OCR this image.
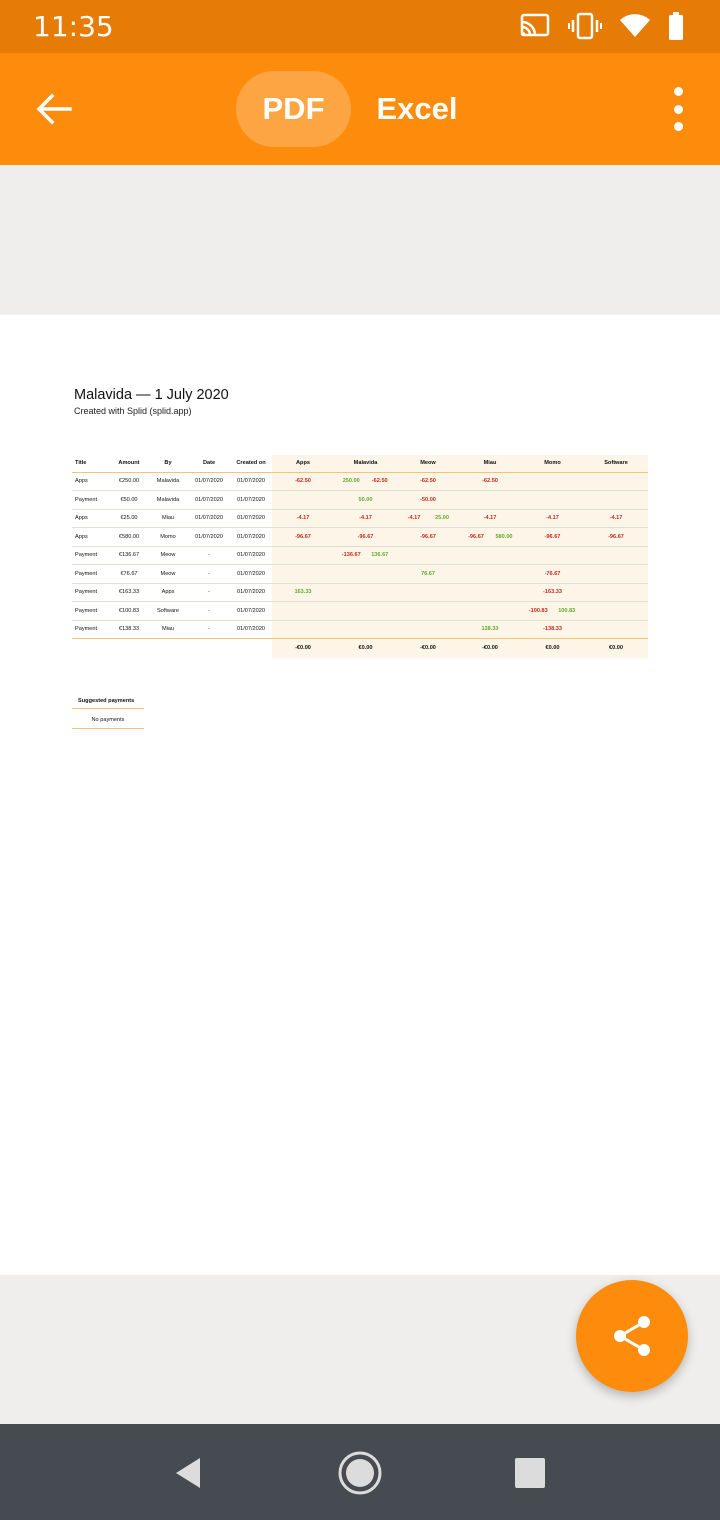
11:35
PDF	Excel
Malavida — 1 July 2020
Created with Splid (splid.app)
Title	Amount	By	Date	Created on	Apps	Malavida	Meow	Miau	Momo	Software
Apps	€250.00	Malavida	01/07/2020	01/07/2020	-62.50	250.00 -62.50	-62.50	-62.50		

Payment	€50.00	Malavida	01/07/2020	01/07/2020		50.00	-50.00			

Apps	€25.00	Miau	01/07/2020	01/07/2020	-4.17	-4.17	-4.17 25.00	-4.17	-4.17	-4.17

Apps	€580.00	Momo	01/07/2020	01/07/2020	-96.67	-96.67	-96.67	-96.67 580.00	-96.67	-96.67

Payment	€136.67	Meow	-	01/07/2020		-136.67 136.67				

Payment	€76.67	Meow	-	01/07/2020			76.67		-76.67	

Payment	€163.33	Apps	-	01/07/2020	163.33				-163.33	

Payment	€100.83	Software	-	01/07/2020					-100.83 100.83	

Payment	€138.33	Miau	-	01/07/2020				138.33	-138.33	

					-€0.00	€0.00	-€0.00	-€0.00	€0.00	€0.00
Suggested payments
No payments
